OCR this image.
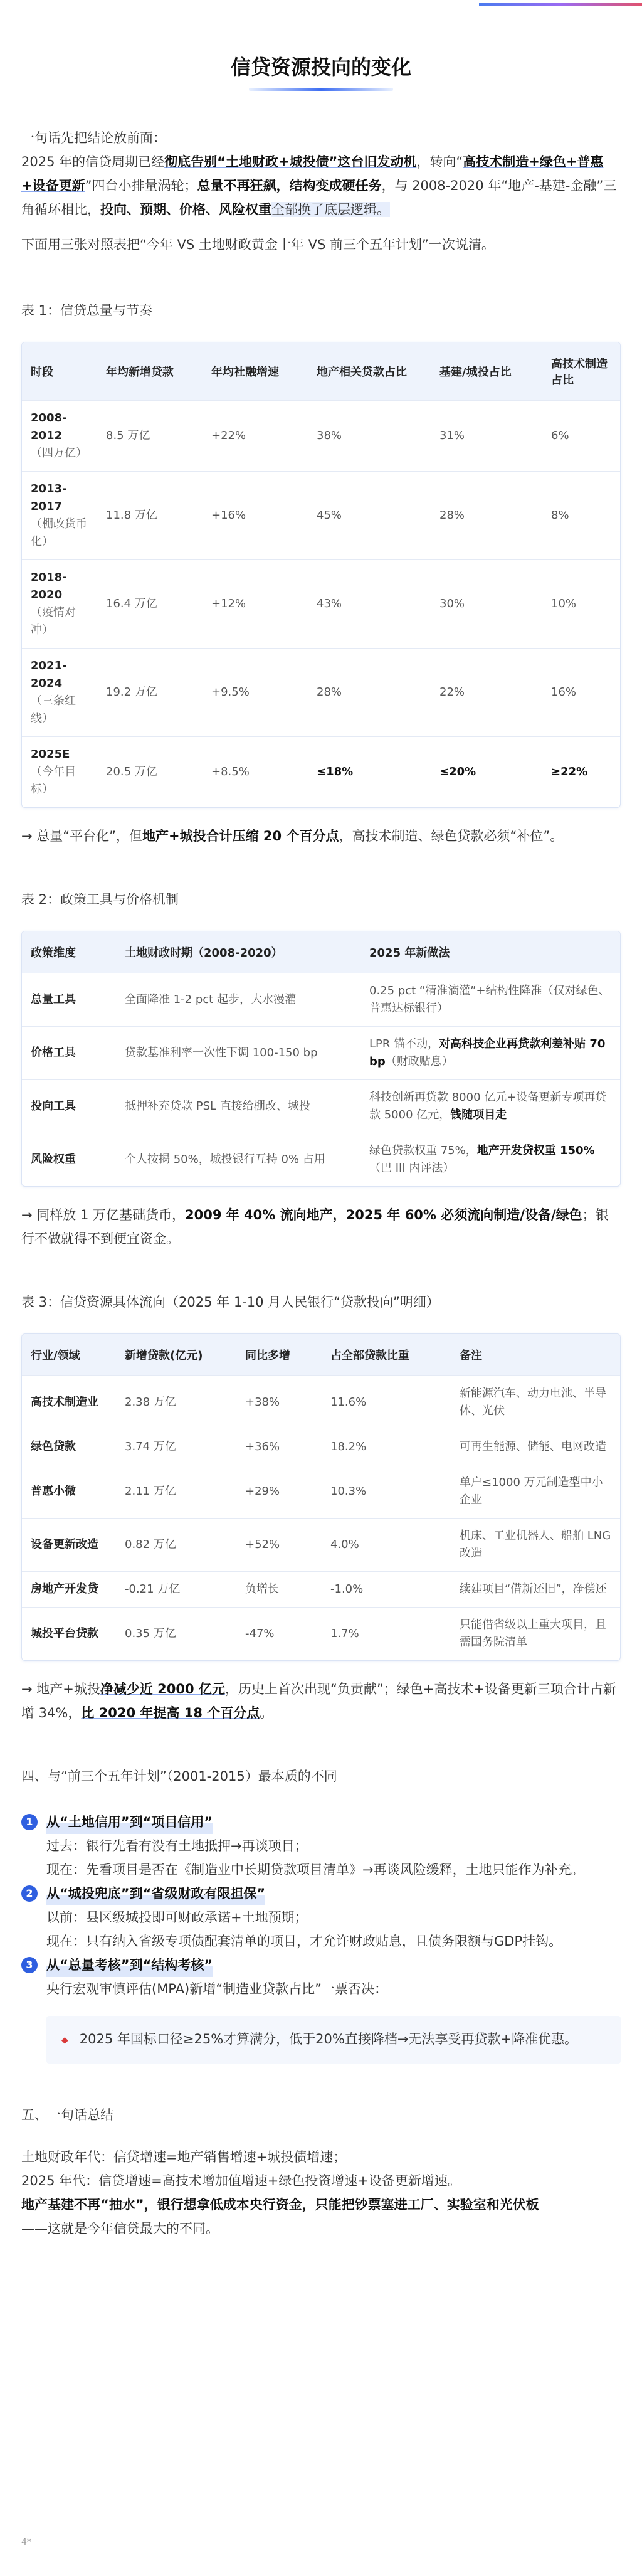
信贷资源投向的变化

一句话先把结论放前面：

2025 年的信贷周期已经彻底告别“土地财政+城投债”这台旧发动机，转向“高技术制造+绿色+普惠+设备更新”四台小排量涡轮；总量不再狂飙，结构变成硬任务，与 2008-2020 年“地产-基建-金融”三角循环相比，投向、预期、价格、风险权重全部换了底层逻辑。

下面用三张对照表把“今年 VS 土地财政黄金十年 VS 前三个五年计划”一次说清。

表 1：信贷总量与节奏
时段	年均新增贷款	年均社融增速	地产相关贷款占比	基建/城投占比	高技术制造占比
2008-2012
（四万亿）	8.5 万亿	+22%	38%	31%	6%
2013-2017
（棚改货币化）	11.8 万亿	+16%	45%	28%	8%
2018-2020
（疫情对冲）	16.4 万亿	+12%	43%	30%	10%
2021-2024
（三条红线）	19.2 万亿	+9.5%	28%	22%	16%
2025E
（今年目标）	20.5 万亿	+8.5%	≤18%	≤20%	≥22%

→ 总量“平台化”，但地产+城投合计压缩 20 个百分点，高技术制造、绿色贷款必须“补位”。

表 2：政策工具与价格机制
政策维度	土地财政时期（2008-2020）	2025 年新做法
总量工具	全面降准 1-2 pct 起步，大水漫灌	0.25 pct “精准滴灌”+结构性降准（仅对绿色、普惠达标银行）
价格工具	贷款基准利率一次性下调 100-150 bp	LPR 锚不动，对高科技企业再贷款利差补贴 70 bp（财政贴息）
投向工具	抵押补充贷款 PSL 直接给棚改、城投	科技创新再贷款 8000 亿元+设备更新专项再贷款 5000 亿元，钱随项目走
风险权重	个人按揭 50%，城投银行互持 0% 占用	绿色贷款权重 75%，地产开发贷权重 150%（巴 III 内评法）

→ 同样放 1 万亿基础货币，2009 年 40% 流向地产，2025 年 60% 必须流向制造/设备/绿色；银行不做就得不到便宜资金。

表 3：信贷资源具体流向（2025 年 1-10 月人民银行“贷款投向”明细）
行业/领域	新增贷款(亿元)	同比多增	占全部贷款比重	备注
高技术制造业	2.38 万亿	+38%	11.6%	新能源汽车、动力电池、半导体、光伏
绿色贷款	3.74 万亿	+36%	18.2%	可再生能源、储能、电网改造
普惠小微	2.11 万亿	+29%	10.3%	单户≤1000 万元制造型中小企业
设备更新改造	0.82 万亿	+52%	4.0%	机床、工业机器人、船舶 LNG 改造
房地产开发贷	-0.21 万亿	负增长	-1.0%	续建项目“借新还旧”，净偿还
城投平台贷款	0.35 万亿	-47%	1.7%	只能借省级以上重大项目，且需国务院清单

→ 地产+城投净减少近 2000 亿元，历史上首次出现“负贡献”；绿色+高技术+设备更新三项合计占新增 34%，比 2020 年提高 18 个百分点。

四、与“前三个五年计划”（2001-2015）最本质的不同
1	从“土地信用”到“项目信用”

过去：银行先看有没有土地抵押→再谈项目；

现在：先看项目是否在《制造业中长期贷款项目清单》→再谈风险缓释，土地只能作为补充。

2	从“城投兜底”到“省级财政有限担保”

以前：县区级城投即可财政承诺+土地预期；

现在：只有纳入省级专项债配套清单的项目，才允许财政贴息，且债务限额与GDP挂钩。

3	从“总量考核”到“结构考核”

央行宏观审慎评估(MPA)新增“制造业贷款占比”一票否决：

◆ 2025 年国标口径≥25%才算满分，低于20%直接降档→无法享受再贷款+降准优惠。
五、一句话总结

土地财政年代：信贷增速=地产销售增速+城投债增速；

2025 年代：信贷增速=高技术增加值增速+绿色投资增速+设备更新增速。

地产基建不再“抽水”，银行想拿低成本央行资金，只能把钞票塞进工厂、实验室和光伏板

——这就是今年信贷最大的不同。

4*
